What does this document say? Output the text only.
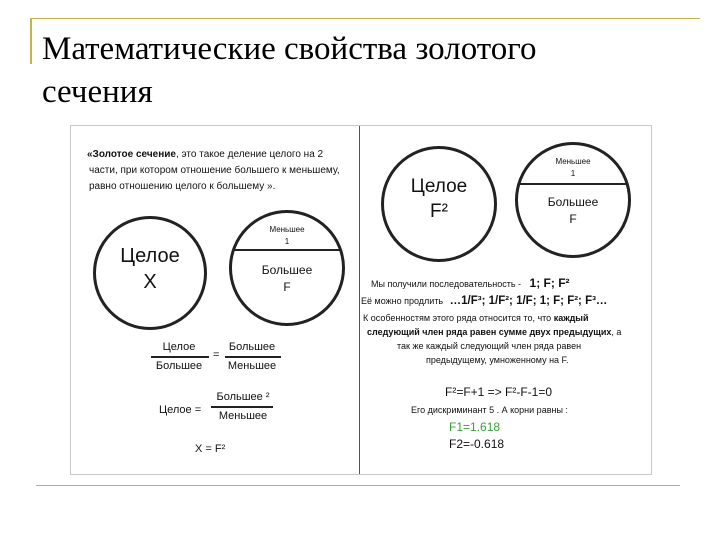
Математические свойства золотого
сечения
«Золотое сечение, это такое деление целого на 2
части, при котором отношение большего к меньшему,
равно отношению целого к большему ».
Целое
X
Меньшее
1
Большее
F
Целое
Большее
=
Большее
Меньшее
Целое =
Большее ²
Меньшее
X = F²
Целое
F²
Меньшее
1
Большее
F
Мы получили последовательность - 1; F; F²
Её можно продлить …1/F³; 1/F²; 1/F; 1; F; F²; F³…
К особенностям этого ряда относится то, что каждый
следующий член ряда равен сумме двух предыдущих, а
так же каждый следующий член ряда равен
предыдущему, умноженному на F.
F²=F+1 => F²-F-1=0
Его дискриминант 5 . А корни равны :
F1=1.618
F2=-0.618
